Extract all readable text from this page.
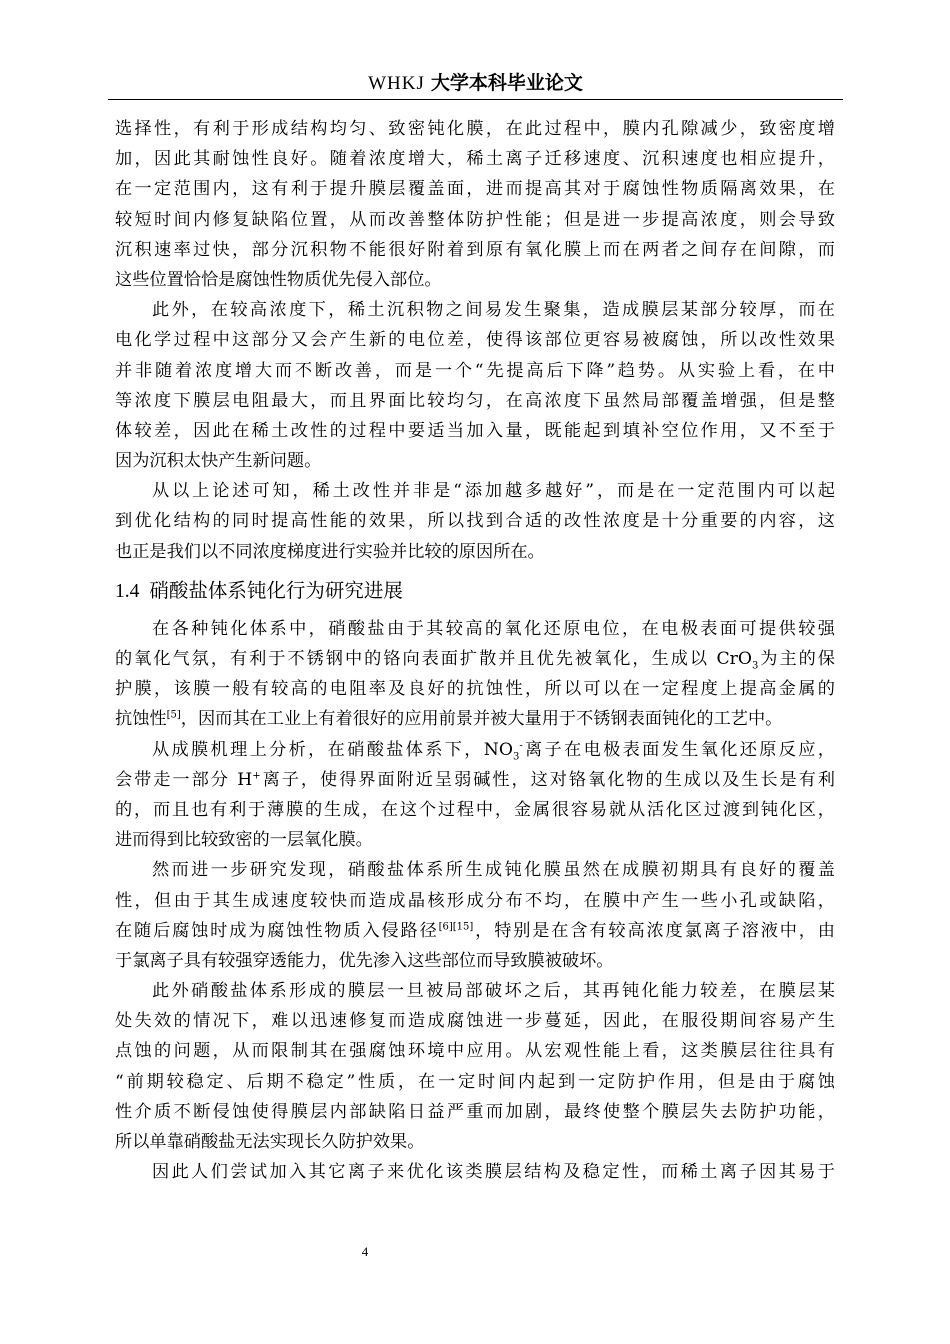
WHKJ 大学本科毕业论文
选择性，有利于形成结构均匀、致密钝化膜，在此过程中，膜内孔隙减少，致密度增
加，因此其耐蚀性良好。随着浓度增大，稀土离子迁移速度、沉积速度也相应提升，
在一定范围内，这有利于提升膜层覆盖面，进而提高其对于腐蚀性物质隔离效果，在
较短时间内修复缺陷位置，从而改善整体防护性能；但是进一步提高浓度，则会导致
沉积速率过快，部分沉积物不能很好附着到原有氧化膜上而在两者之间存在间隙，而
这些位置恰恰是腐蚀性物质优先侵入部位。
此外，在较高浓度下，稀土沉积物之间易发生聚集，造成膜层某部分较厚，而在
电化学过程中这部分又会产生新的电位差，使得该部位更容易被腐蚀，所以改性效果
并非随着浓度增大而不断改善，而是一个“先提高后下降”趋势。从实验上看，在中
等浓度下膜层电阻最大，而且界面比较均匀，在高浓度下虽然局部覆盖增强，但是整
体较差，因此在稀土改性的过程中要适当加入量，既能起到填补空位作用，又不至于
因为沉积太快产生新问题。
从以上论述可知，稀土改性并非是“添加越多越好”，而是在一定范围内可以起
到优化结构的同时提高性能的效果，所以找到合适的改性浓度是十分重要的内容，这
也正是我们以不同浓度梯度进行实验并比较的原因所在。
1.4 硝酸盐体系钝化行为研究进展
在各种钝化体系中，硝酸盐由于其较高的氧化还原电位，在电极表面可提供较强
的氧化气氛，有利于不锈钢中的铬向表面扩散并且优先被氧化，生成以 CrO$_3$为主的保
护膜，该膜一般有较高的电阻率及良好的抗蚀性，所以可以在一定程度上提高金属的
抗蚀性[5]，因而其在工业上有着很好的应用前景并被大量用于不锈钢表面钝化的工艺中。
从成膜机理上分析，在硝酸盐体系下，$NO_3^-$离子在电极表面发生氧化还原反应，
会带走一部分 H+离子，使得界面附近呈弱碱性，这对铬氧化物的生成以及生长是有利
的，而且也有利于薄膜的生成，在这个过程中，金属很容易就从活化区过渡到钝化区，
进而得到比较致密的一层氧化膜。
然而进一步研究发现，硝酸盐体系所生成钝化膜虽然在成膜初期具有良好的覆盖
性，但由于其生成速度较快而造成晶核形成分布不均，在膜中产生一些小孔或缺陷，
在随后腐蚀时成为腐蚀性物质入侵路径[6][15]，特别是在含有较高浓度氯离子溶液中，由
于氯离子具有较强穿透能力，优先渗入这些部位而导致膜被破坏。
此外硝酸盐体系形成的膜层一旦被局部破坏之后，其再钝化能力较差，在膜层某
处失效的情况下，难以迅速修复而造成腐蚀进一步蔓延，因此，在服役期间容易产生
点蚀的问题，从而限制其在强腐蚀环境中应用。从宏观性能上看，这类膜层往往具有
“前期较稳定、后期不稳定”性质，在一定时间内起到一定防护作用，但是由于腐蚀
性介质不断侵蚀使得膜层内部缺陷日益严重而加剧，最终使整个膜层失去防护功能，
所以单靠硝酸盐无法实现长久防护效果。
因此人们尝试加入其它离子来优化该类膜层结构及稳定性，而稀土离子因其易于
4
